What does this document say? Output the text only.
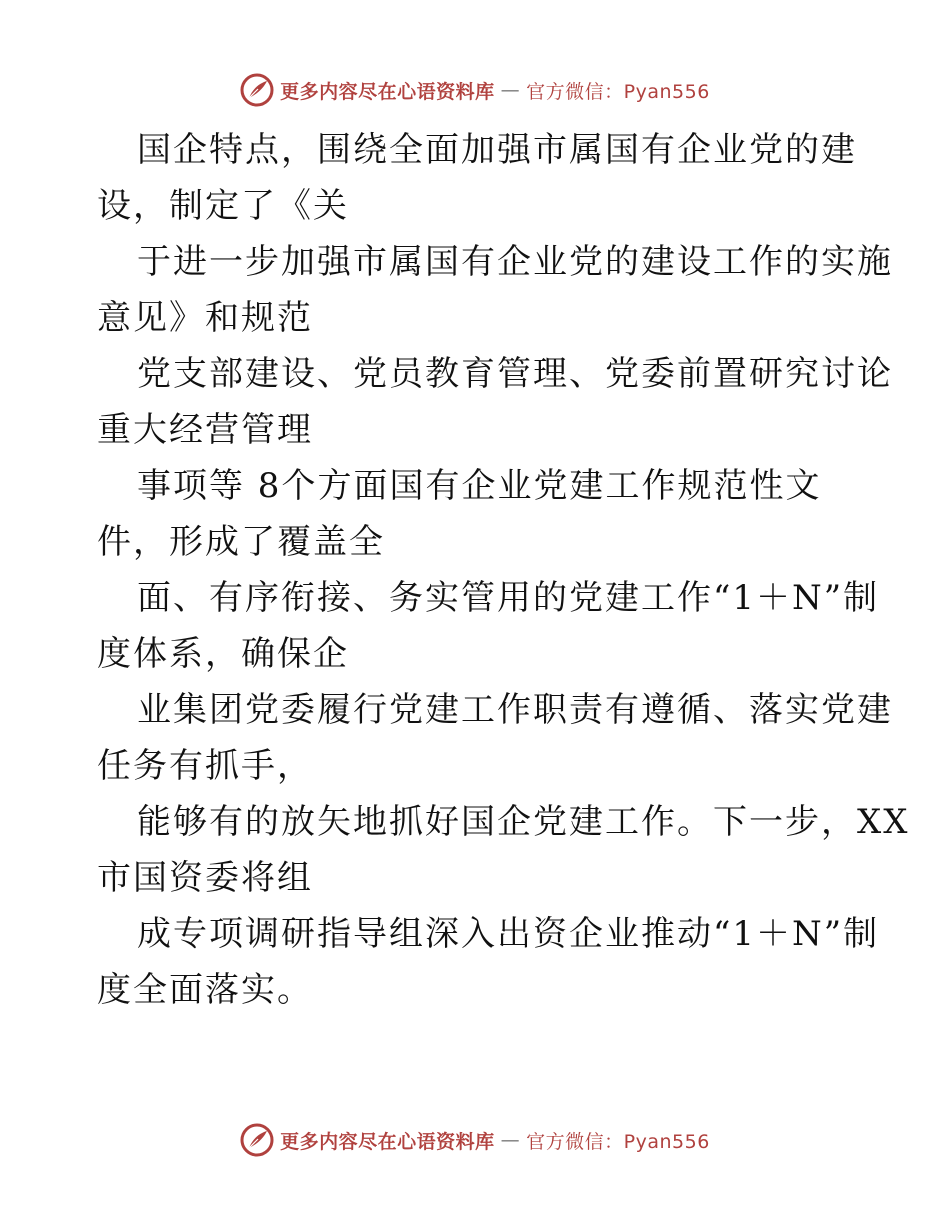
更多内容尽在心语资料库 — 官方微信：Pyan556
国企特点，围绕全面加强市属国有企业党的建
设，制定了《关
于进一步加强市属国有企业党的建设工作的实施
意见》和规范
党支部建设、党员教育管理、党委前置研究讨论
重大经营管理
事项等 8个方面国有企业党建工作规范性文
件，形成了覆盖全
面、有序衔接、务实管用的党建工作“1＋N”制
度体系，确保企
业集团党委履行党建工作职责有遵循、落实党建
任务有抓手，
能够有的放矢地抓好国企党建工作。下一步，XX
市国资委将组
成专项调研指导组深入出资企业推动“1＋N”制
度全面落实。
更多内容尽在心语资料库 — 官方微信：Pyan556
